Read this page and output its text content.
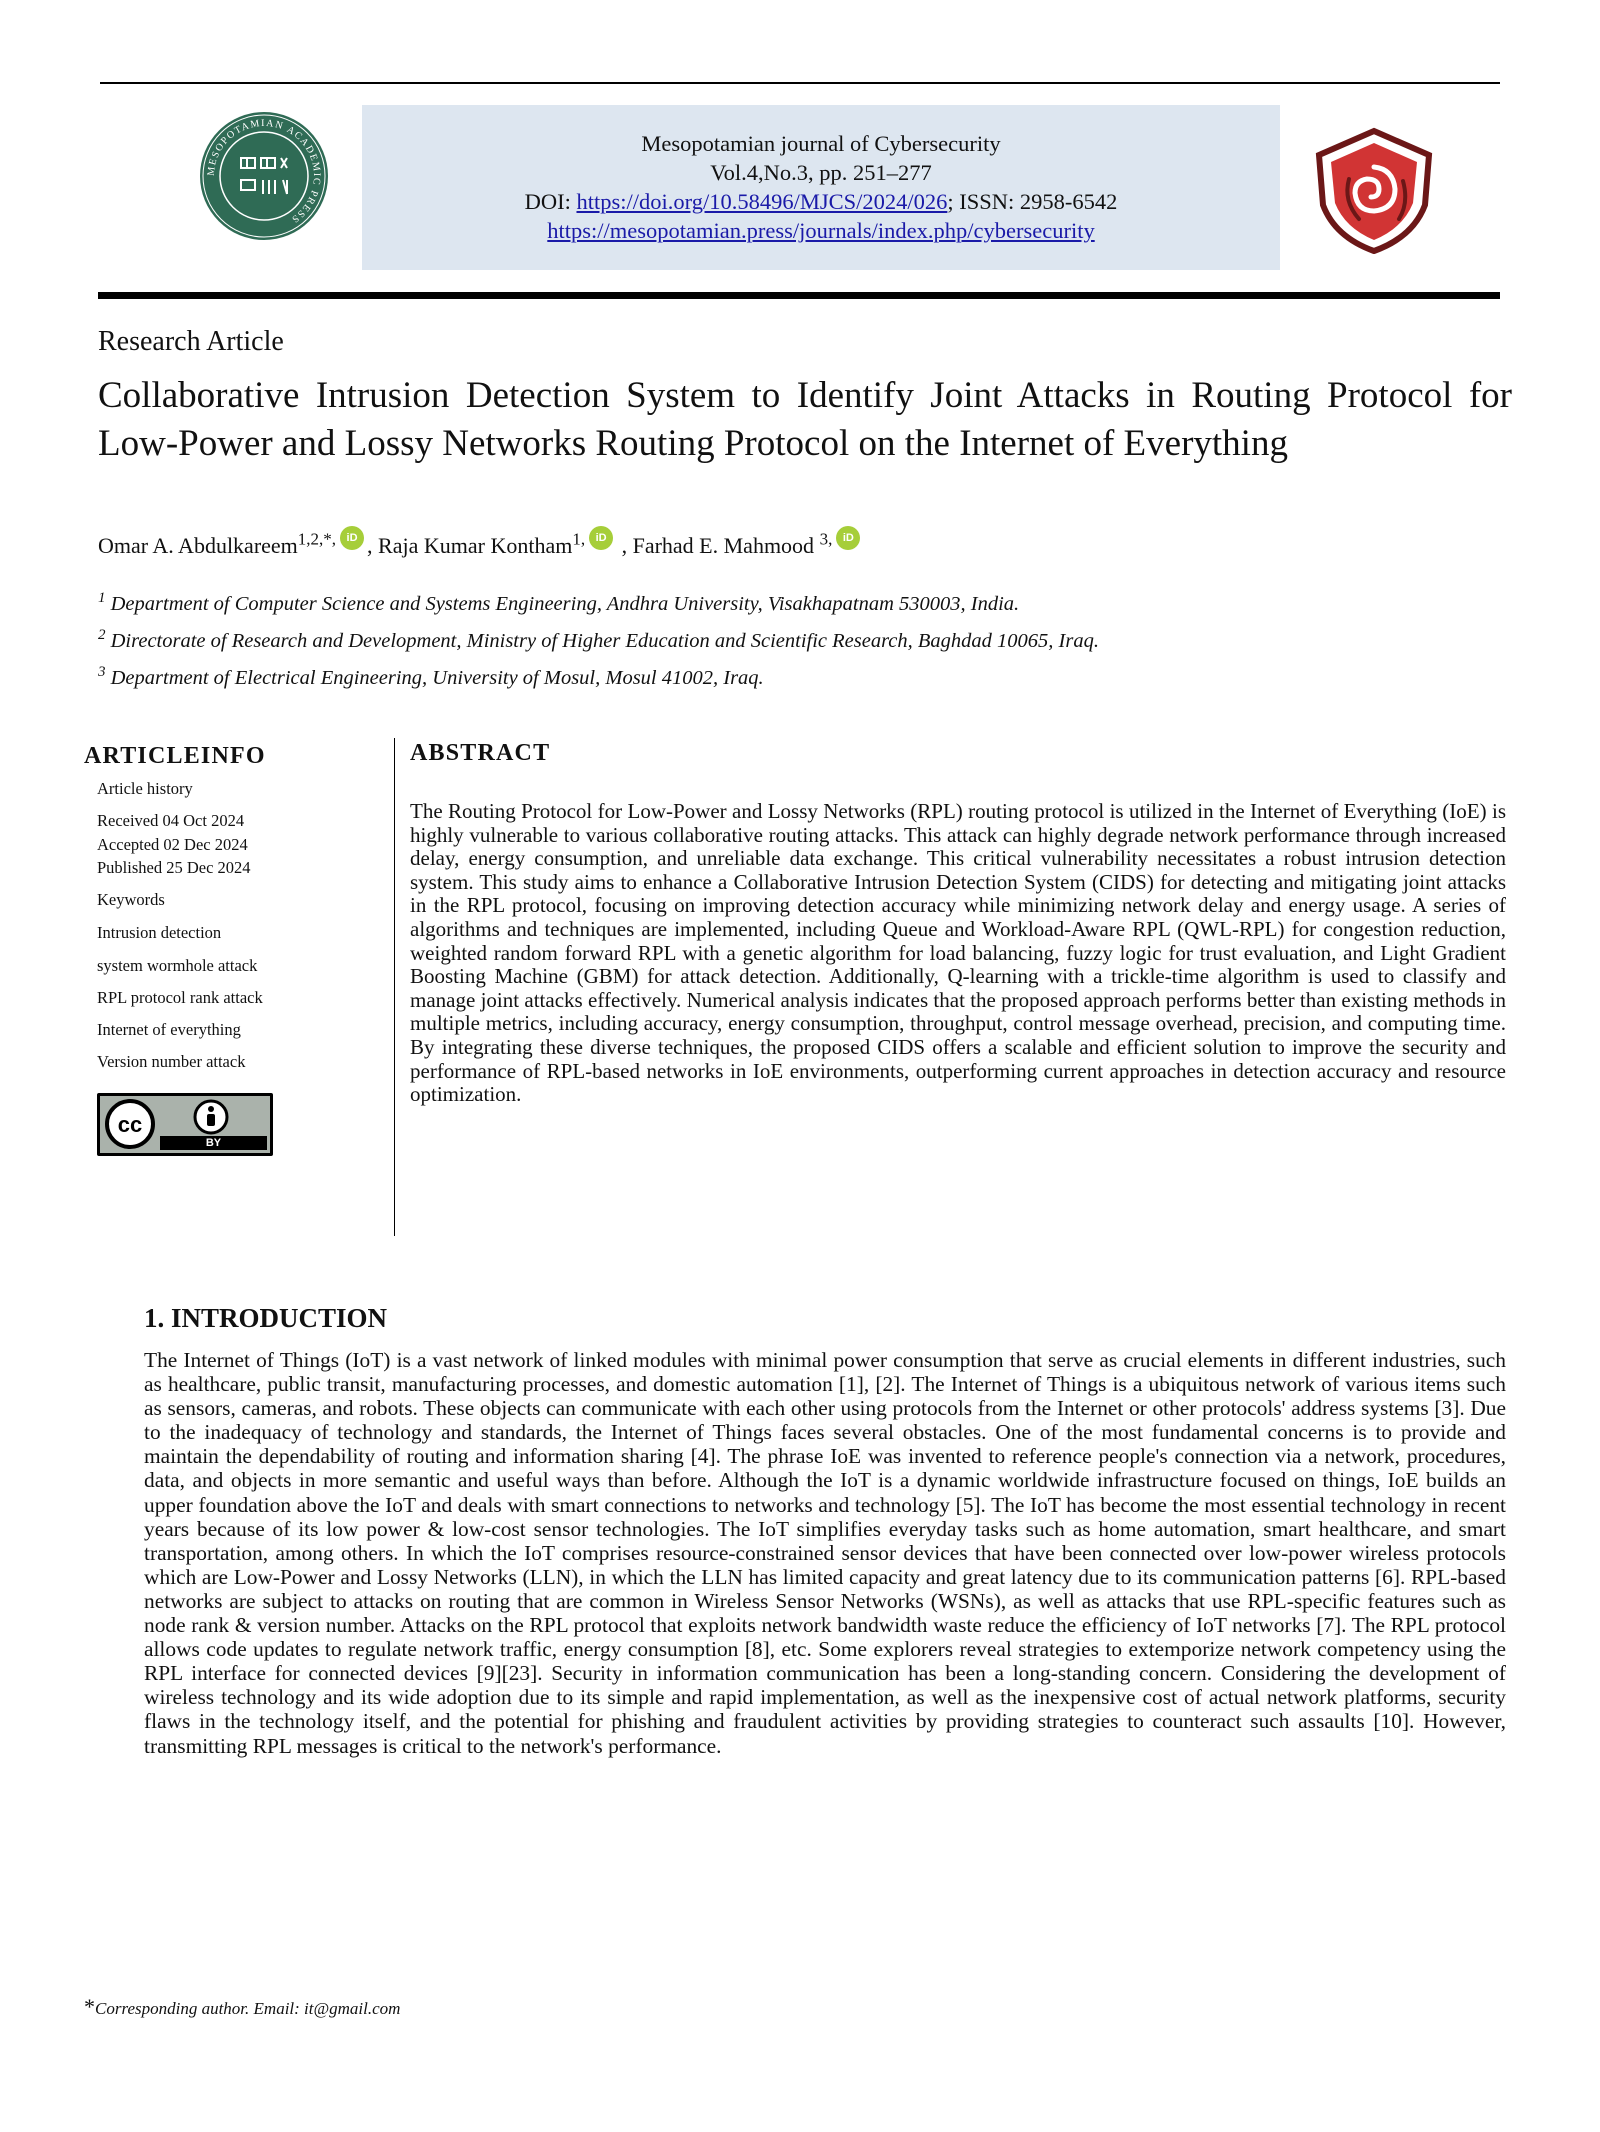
MESOPOTAMIAN ACADEMIC PRESS
Mesopotamian journal of Cybersecurity
Vol.4,No.3, pp. 251–277
DOI: https://doi.org/10.58496/MJCS/2024/026; ISSN: 2958-6542
https://mesopotamian.press/journals/index.php/cybersecurity
Research Article
Collaborative Intrusion Detection System to Identify Joint Attacks in Routing Protocol for Low-Power and Lossy Networks Routing Protocol on the Internet of Everything
Omar A. Abdulkareem$^{1,2,*,}$ iD , Raja Kumar Kontham$^{1,}$ iD , Farhad E. Mahmood $^{3,}$ iD
$^1$ Department of Computer Science and Systems Engineering, Andhra University, Visakhapatnam 530003, India.
$^2$ Directorate of Research and Development, Ministry of Higher Education and Scientific Research, Baghdad 10065, Iraq.
$^3$ Department of Electrical Engineering, University of Mosul, Mosul 41002, Iraq.
ARTICLEINFO
Article history
Received 04 Oct 2024
Accepted 02 Dec 2024
Published 25 Dec 2024
Keywords
Intrusion detection
system wormhole attack
RPL protocol rank attack
Internet of everything
Version number attack
cc
BY
ABSTRACT
The Routing Protocol for Low-Power and Lossy Networks (RPL) routing protocol is utilized in the Internet of Everything (IoE) is highly vulnerable to various collaborative routing attacks. This attack can highly degrade network performance through increased delay, energy consumption, and unreliable data exchange. This critical vulnerability necessitates a robust intrusion detection system. This study aims to enhance a Collaborative Intrusion Detection System (CIDS) for detecting and mitigating joint attacks in the RPL protocol, focusing on improving detection accuracy while minimizing network delay and energy usage. A series of algorithms and techniques are implemented, including Queue and Workload-Aware RPL (QWL-RPL) for congestion reduction, weighted random forward RPL with a genetic algorithm for load balancing, fuzzy logic for trust evaluation, and Light Gradient Boosting Machine (GBM) for attack detection. Additionally, Q-learning with a trickle-time algorithm is used to classify and manage joint attacks effectively. Numerical analysis indicates that the proposed approach performs better than existing methods in multiple metrics, including accuracy, energy consumption, throughput, control message overhead, precision, and computing time. By integrating these diverse techniques, the proposed CIDS offers a scalable and efficient solution to improve the security and performance of RPL-based networks in IoE environments, outperforming current approaches in detection accuracy and resource optimization.
1. INTRODUCTION
The Internet of Things (IoT) is a vast network of linked modules with minimal power consumption that serve as crucial elements in different industries, such as healthcare, public transit, manufacturing processes, and domestic automation [1], [2]. The Internet of Things is a ubiquitous network of various items such as sensors, cameras, and robots. These objects can communicate with each other using protocols from the Internet or other protocols' address systems [3]. Due to the inadequacy of technology and standards, the Internet of Things faces several obstacles. One of the most fundamental concerns is to provide and maintain the dependability of routing and information sharing [4]. The phrase IoE was invented to reference people's connection via a network, procedures, data, and objects in more semantic and useful ways than before. Although the IoT is a dynamic worldwide infrastructure focused on things, IoE builds an upper foundation above the IoT and deals with smart connections to networks and technology [5]. The IoT has become the most essential technology in recent years because of its low power & low-cost sensor technologies. The IoT simplifies everyday tasks such as home automation, smart healthcare, and smart transportation, among others. In which the IoT comprises resource-constrained sensor devices that have been connected over low-power wireless protocols which are Low-Power and Lossy Networks (LLN), in which the LLN has limited capacity and great latency due to its communication patterns [6]. RPL-based networks are subject to attacks on routing that are common in Wireless Sensor Networks (WSNs), as well as attacks that use RPL-specific features such as node rank & version number. Attacks on the RPL protocol that exploits network bandwidth waste reduce the efficiency of IoT networks [7]. The RPL protocol allows code updates to regulate network traffic, energy consumption [8], etc. Some explorers reveal strategies to extemporize network competency using the RPL interface for connected devices [9][23]. Security in information communication has been a long-standing concern. Considering the development of wireless technology and its wide adoption due to its simple and rapid implementation, as well as the inexpensive cost of actual network platforms, security flaws in the technology itself, and the potential for phishing and fraudulent activities by providing strategies to counteract such assaults [10]. However, transmitting RPL messages is critical to the network's performance.
*Corresponding author. Email: it@gmail.com
